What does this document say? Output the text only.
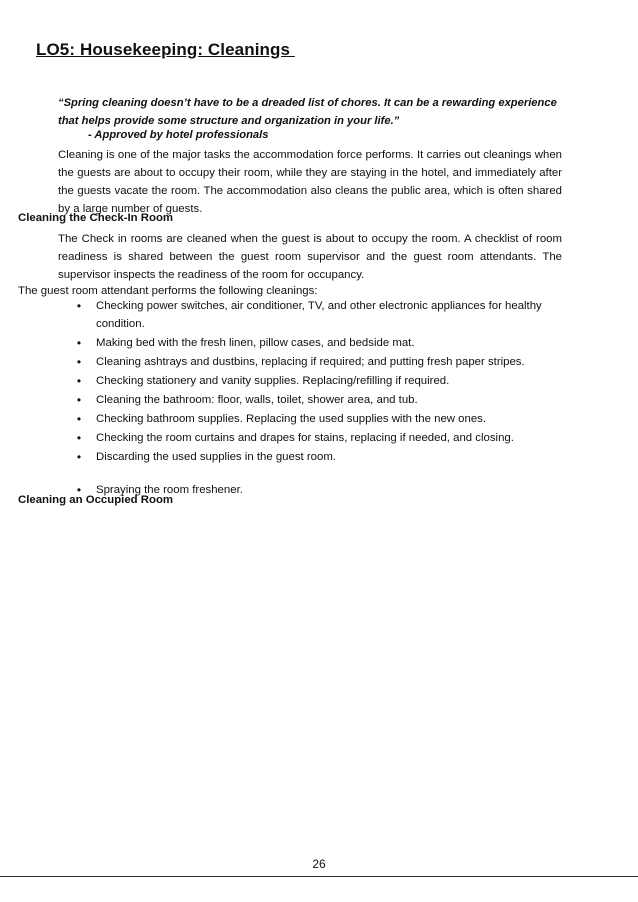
LO5: Housekeeping: Cleanings
“Spring cleaning doesn’t have to be a dreaded list of chores. It can be a rewarding experience that helps provide some structure and organization in your life.”
- Approved by hotel professionals

Cleaning is one of the major tasks the accommodation force performs. It carries out cleanings when the guests are about to occupy their room, while they are staying in the hotel, and immediately after the guests vacate the room. The accommodation also cleans the public area, which is often shared by a large number of guests.

Cleaning the Check-In Room

The Check in rooms are cleaned when the guest is about to occupy the room. A checklist of room readiness is shared between the guest room supervisor and the guest room attendants. The supervisor inspects the readiness of the room for occupancy.

The guest room attendant performs the following cleanings:

• Checking power switches, air conditioner, TV, and other electronic appliances for healthy condition.
• Making bed with the fresh linen, pillow cases, and bedside mat.
• Cleaning ashtrays and dustbins, replacing if required; and putting fresh paper stripes.
• Checking stationery and vanity supplies. Replacing/refilling if required.
• Cleaning the bathroom: floor, walls, toilet, shower area, and tub.
• Checking bathroom supplies. Replacing the used supplies with the new ones.
• Checking the room curtains and drapes for stains, replacing if needed, and closing.
• Discarding the used supplies in the guest room.
• Spraying the room freshener.

Cleaning an Occupied Room

26
